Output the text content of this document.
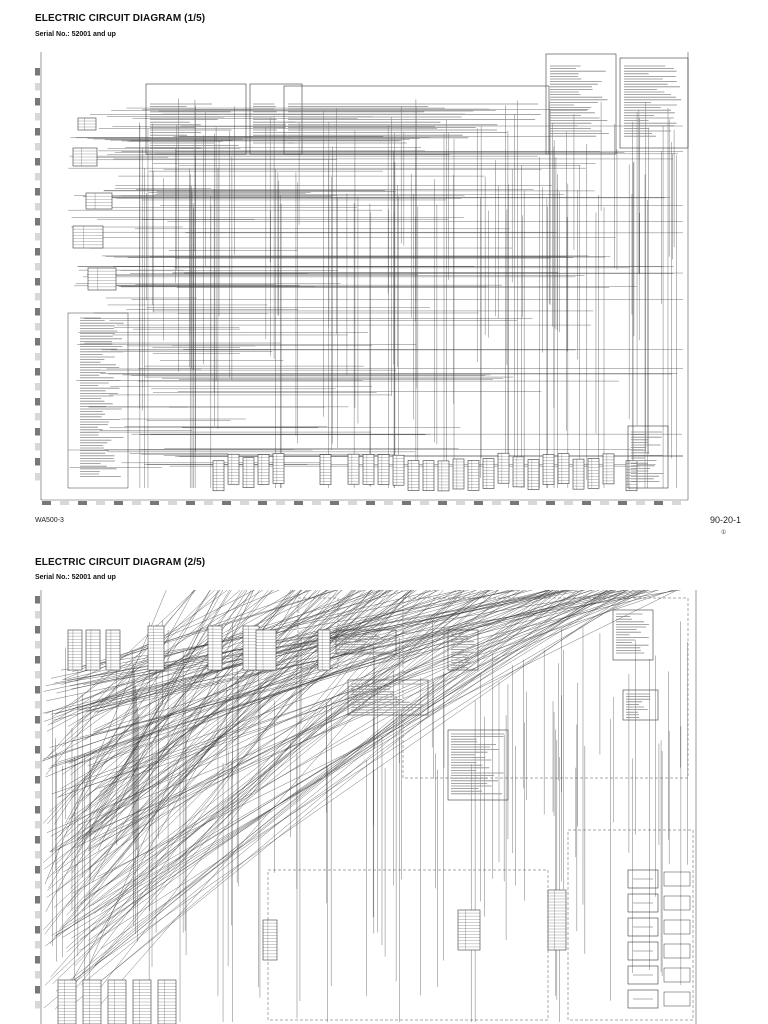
ELECTRIC CIRCUIT DIAGRAM (1/5)
Serial No.: 52001 and up
WA500-3	90-20-1
①
ELECTRIC CIRCUIT DIAGRAM (2/5)
Serial No.: 52001 and up
